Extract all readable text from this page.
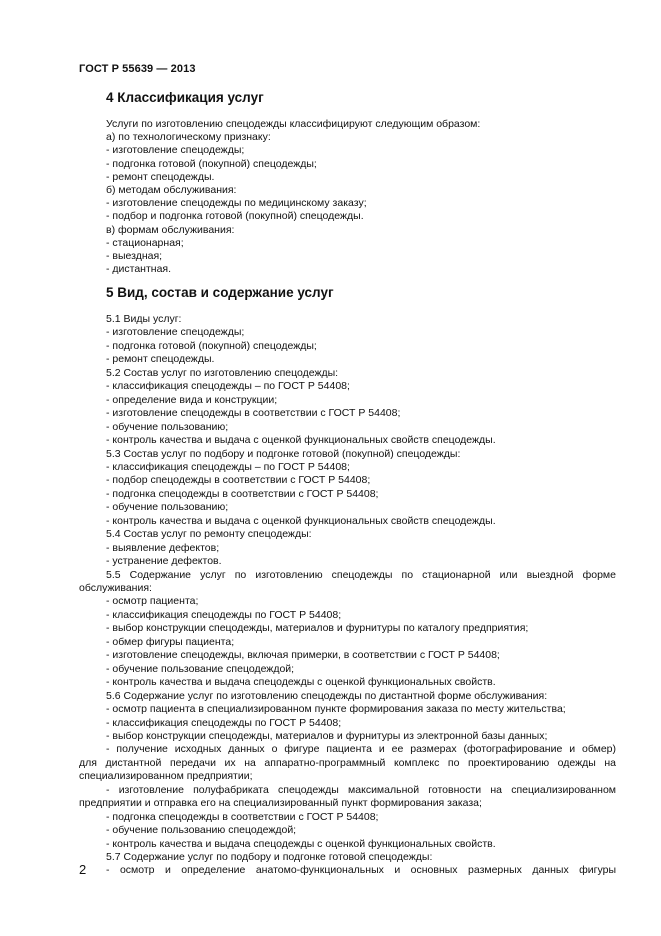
ГОСТ Р 55639 — 2013
4 Классификация услуг
Услуги по изготовлению спецодежды классифицируют следующим образом:
а) по технологическому признаку:
- изготовление спецодежды;
- подгонка готовой (покупной) спецодежды;
- ремонт спецодежды.
б) методам обслуживания:
- изготовление спецодежды по медицинскому заказу;
- подбор и подгонка готовой (покупной) спецодежды.
в) формам обслуживания:
- стационарная;
- выездная;
- дистантная.
5 Вид, состав и содержание услуг
5.1 Виды услуг:
- изготовление спецодежды;
- подгонка готовой (покупной) спецодежды;
- ремонт спецодежды.
5.2 Состав услуг по изготовлению спецодежды:
- классификация спецодежды – по ГОСТ Р 54408;
- определение вида и конструкции;
- изготовление спецодежды в соответствии с ГОСТ Р 54408;
- обучение пользованию;
- контроль качества и выдача с оценкой функциональных свойств спецодежды.
5.3 Состав услуг по подбору и подгонке готовой (покупной) спецодежды:
- классификация спецодежды – по ГОСТ Р 54408;
- подбор спецодежды в соответствии с ГОСТ Р 54408;
- подгонка спецодежды в соответствии с ГОСТ Р 54408;
- обучение пользованию;
- контроль качества и выдача с оценкой функциональных свойств спецодежды.
5.4 Состав услуг по ремонту спецодежды:
- выявление дефектов;
- устранение дефектов.
5.5 Содержание услуг по изготовлению спецодежды по стационарной или выездной форме
обслуживания:
- осмотр пациента;
- классификация спецодежды по ГОСТ Р 54408;
- выбор конструкции спецодежды, материалов и фурнитуры по каталогу предприятия;
- обмер фигуры пациента;
- изготовление спецодежды, включая примерки, в соответствии с ГОСТ Р 54408;
- обучение пользование спецодеждой;
- контроль качества и выдача спецодежды с оценкой функциональных свойств.
5.6 Содержание услуг по изготовлению спецодежды по дистантной форме обслуживания:
- осмотр пациента в специализированном пункте формирования заказа по месту жительства;
- классификация спецодежды по ГОСТ Р 54408;
- выбор конструкции спецодежды, материалов и фурнитуры из электронной базы данных;
- получение исходных данных о фигуре пациента и ее размерах (фотографирование и обмер)
для дистантной передачи их на аппаратно-программный комплекс по проектированию одежды на
специализированном предприятии;
- изготовление полуфабриката спецодежды максимальной готовности на специализированном
предприятии и отправка его на специализированный пункт формирования заказа;
- подгонка спецодежды в соответствии с ГОСТ Р 54408;
- обучение пользованию спецодеждой;
- контроль качества и выдача спецодежды с оценкой функциональных свойств.
5.7 Содержание услуг по подбору и подгонке готовой спецодежды:
- осмотр и определение анатомо-функциональных и основных размерных данных фигуры
2
